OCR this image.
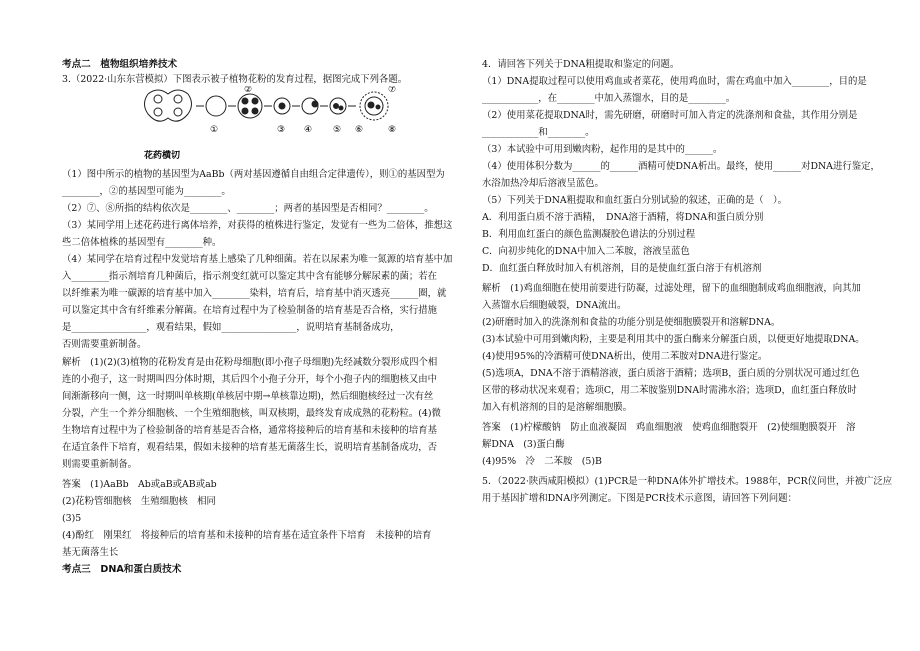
花药横切
①
②
③ ④ ⑤ ⑥
⑦
⑧
考点二　植物组织培养技术
3.（2022·山东东营模拟）下图表示被子植物花粉的发育过程，据图完成下列各题。
（1）图中所示的植物的基因型为AaBb（两对基因遵循自由组合定律遗传），则①的基因型为
________，②的基因型可能为________。
（2）⑦、⑧所指的结构依次是________、________；两者的基因型是否相同？________。
（3）某同学用上述花药进行离体培养，对获得的植株进行鉴定，发觉有一些为二倍体，推想这
些二倍体植株的基因型有________种。
（4）某同学在培育过程中发觉培育基上感染了几种细菌。若在以尿素为唯一氮源的培育基中加
入________指示剂培育几种菌后，指示剂变红就可以鉴定其中含有能够分解尿素的菌；若在
以纤维素为唯一碳源的培育基中加入________染料，培育后，培育基中消灭透亮______圈，就
可以鉴定其中含有纤维素分解菌。在培育过程中为了检验制备的培育基是否合格，实行措施
是________________，观看结果，假如________________，说明培育基制备成功，
否则需要重新制备。
解析　(1)(2)(3)植物的花粉发育是由花粉母细胞(即小孢子母细胞)先经减数分裂形成四个相
连的小孢子，这一时期叫四分体时期，其后四个小孢子分开，每个小孢子内的细胞核又由中
间渐渐移向一侧，这一时期叫单核期(单核居中期→单核靠边期)，然后细胞核经过一次有丝
分裂，产生一个养分细胞核、一个生殖细胞核，叫双核期，最终发育成成熟的花粉粒。(4)微
生物培育过程中为了检验制备的培育基是否合格，通常将接种后的培育基和未接种的培育基
在适宜条件下培育，观看结果，假如未接种的培育基无菌落生长，说明培育基制备成功，否
则需要重新制备。
答案　(1)AaBb　Ab或aB或AB或ab
(2)花粉管细胞核　生殖细胞核　相同
(3)5
(4)酚红　刚果红　将接种后的培育基和未接种的培育基在适宜条件下培育　未接种的培育
基无菌落生长
考点三　DNA和蛋白质技术
4．请回答下列关于DNA粗提取和鉴定的问题。
（1）DNA提取过程可以使用鸡血或者菜花，使用鸡血时，需在鸡血中加入________，目的是
____________，在________中加入蒸馏水，目的是________。
（2）使用菜花提取DNA时，需先研磨，研磨时可加入肯定的洗涤剂和食盐，其作用分别是
____________和________。
（3）本试验中可用到嫩肉粉，起作用的是其中的______。
（4）使用体积分数为______的______酒精可使DNA析出。最终，使用______对DNA进行鉴定，
水浴加热冷却后溶液呈蓝色。
（5）下列关于DNA粗提取和血红蛋白分别试验的叙述，正确的是（　）。
A．利用蛋白质不溶于酒精，　DNA溶于酒精，将DNA和蛋白质分别
B．利用血红蛋白的颜色监测凝胶色谱法的分别过程
C．向初步纯化的DNA中加入二苯胺，溶液呈蓝色
D．血红蛋白释放时加入有机溶剂，目的是使血红蛋白溶于有机溶剂
解析　(1)鸡血细胞在使用前要进行防凝，过滤处理，留下的血细胞制成鸡血细胞液，向其加
入蒸馏水后细胞破裂，DNA流出。
(2)研磨时加入的洗涤剂和食盐的功能分别是使细胞膜裂开和溶解DNA。
(3)本试验中可用到嫩肉粉，主要是利用其中的蛋白酶来分解蛋白质，以便更好地提取DNA。
(4)使用95%的冷酒精可使DNA析出，使用二苯胺对DNA进行鉴定。
(5)选项A，DNA不溶于酒精溶液，蛋白质溶于酒精；选项B，蛋白质的分别状况可通过红色
区带的移动状况来观看；选项C，用二苯胺鉴别DNA时需沸水浴；选项D，血红蛋白释放时
加入有机溶剂的目的是溶解细胞膜。
答案　(1)柠檬酸钠　防止血液凝固　鸡血细胞液　使鸡血细胞裂开　(2)使细胞膜裂开　溶
解DNA　(3)蛋白酶
(4)95%　冷　二苯胺　(5)B
5．（2022·陕西咸阳模拟）(1)PCR是一种DNA体外扩增技术。1988年，PCR仪问世，并被广泛应
用于基因扩增和DNA序列测定。下图是PCR技术示意图，请回答下列问题：
